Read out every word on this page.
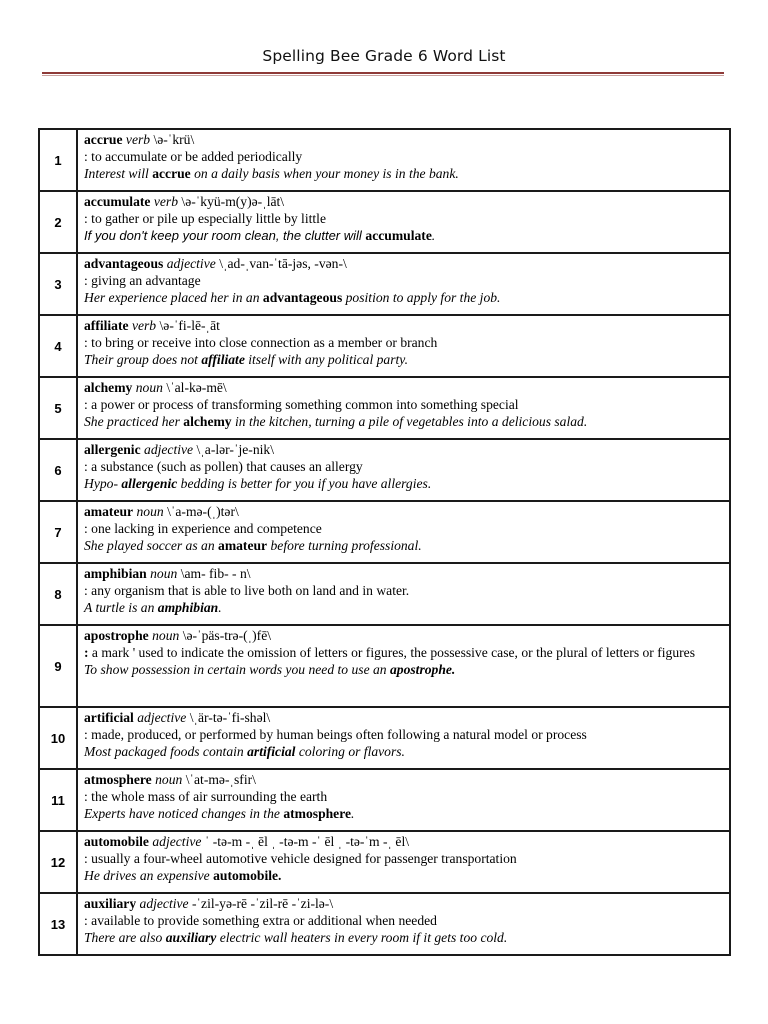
Spelling Bee Grade 6 Word List
1	accrue verb \ə-ˈkrü\
: to accumulate or be added periodically
Interest will accrue on a daily basis when your money is in the bank.

2	accumulate verb \ə-ˈkyü-m(y)ə-ˌlāt\
: to gather or pile up especially little by little
If you don't keep your room clean, the clutter will accumulate.

3	advantageous adjective \ˌad-ˌvan-ˈtā-jəs, -vən-\
: giving an advantage
Her experience placed her in an advantageous position to apply for the job.

4	affiliate verb \ə-ˈfi-lē-ˌāt
: to bring or receive into close connection as a member or branch
Their group does not affiliate itself with any political party.

5	alchemy noun \ˈal-kə-mē\
: a power or process of transforming something common into something special
She practiced her alchemy in the kitchen, turning a pile of vegetables into a delicious salad.

6	allergenic adjective \ˌa-lər-ˈje-nik\
: a substance (such as pollen) that causes an allergy
Hypo- allergenic bedding is better for you if you have allergies.

7	amateur noun \ˈa-mə-(ˌ)tər\
: one lacking in experience and competence
She played soccer as an amateur before turning professional.

8	amphibian noun \am- fib- - n\
: any organism that is able to live both on land and in water.
A turtle is an amphibian.

9	apostrophe noun \ə-ˈpäs-trə-(ˌ)fē\
: a mark ' used to indicate the omission of letters or figures, the possessive case, or the plural of letters or figures
To show possession in certain words you need to use an apostrophe.

10	artificial adjective \ˌär-tə-ˈfi-shəl\
: made, produced, or performed by human beings often following a natural model or process
Most packaged foods contain artificial coloring or flavors.

11	atmosphere noun \ˈat-mə-ˌsfir\
: the whole mass of air surrounding the earth
Experts have noticed changes in the atmosphere.

12	automobile adjective ˈ -tə-m -ˌ ēl ˌ -tə-m -ˈ ēl ˌ -tə-ˈm -ˌ ēl\
: usually a four-wheel automotive vehicle designed for passenger transportation
He drives an expensive automobile.

13	auxiliary adjective -ˈzil-yə-rē -ˈzil-rē -ˈzi-lə-\
: available to provide something extra or additional when needed
There are also auxiliary electric wall heaters in every room if it gets too cold.
